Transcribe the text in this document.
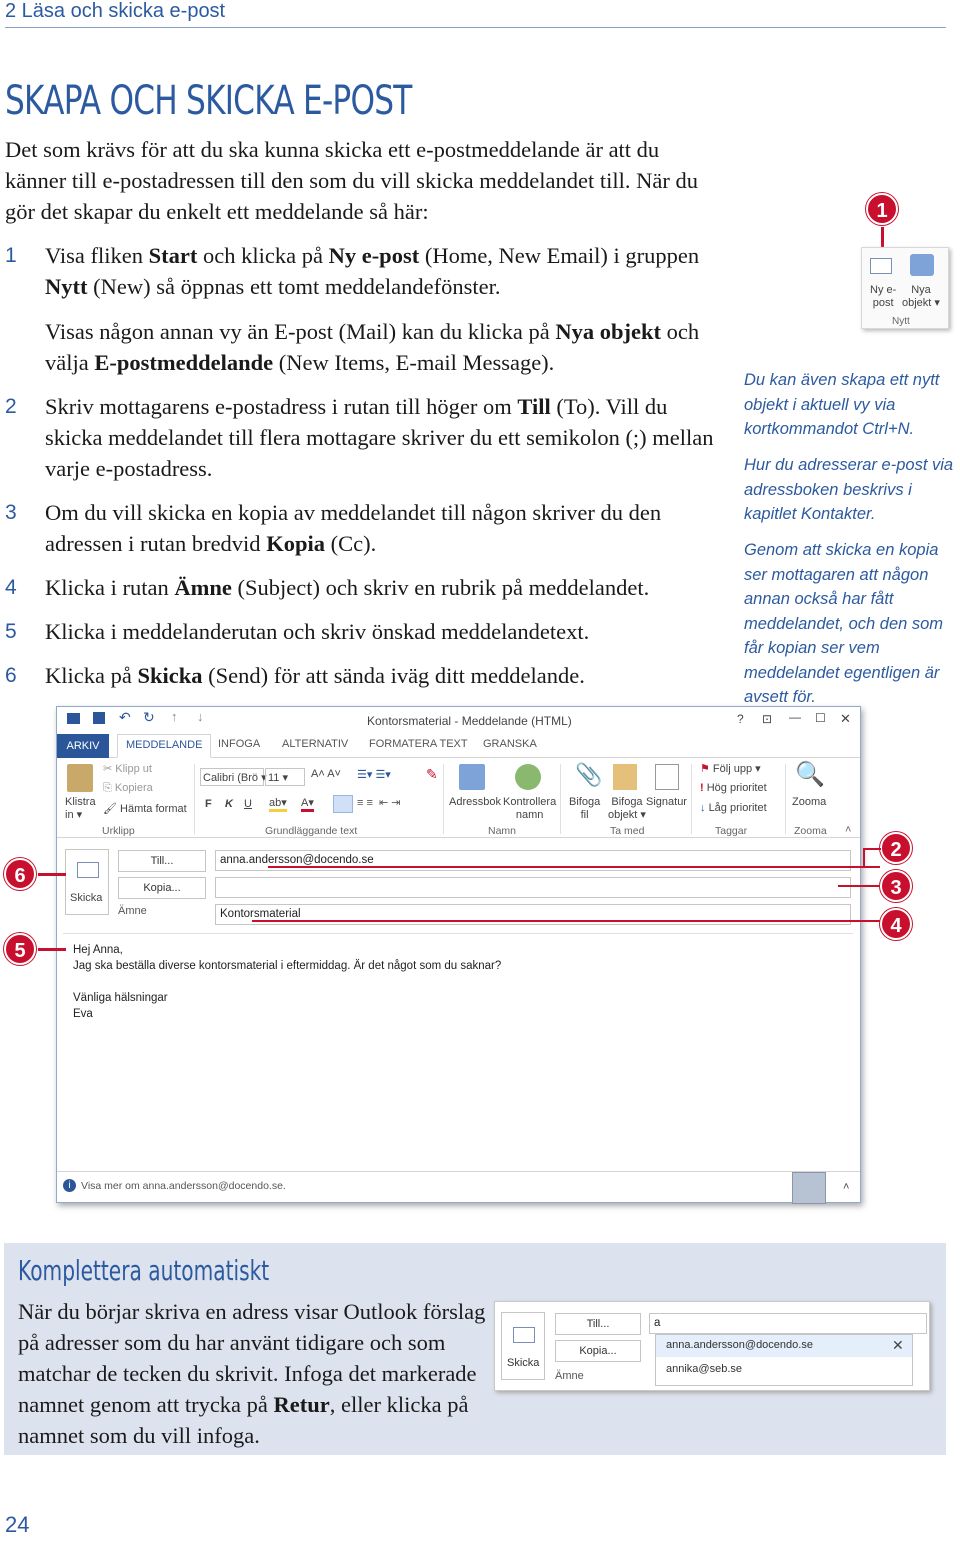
2 Läsa och skicka e-post
SKAPA OCH SKICKA E-POST

Det som krävs för att du ska kunna skicka ett e-postmeddelande är att du känner till e-postadressen till den som du vill skicka meddelandet till. När du gör det skapar du enkelt ett meddelande så här:

1 Visa fliken Start och klicka på Ny e-post (Home, New Email) i gruppen Nytt (New) så öppnas ett tomt meddelandefönster.
Visas någon annan vy än E-post (Mail) kan du klicka på Nya objekt och välja E-postmeddelande (New Items, E-mail Message).
2 Skriv mottagarens e-postadress i rutan till höger om Till (To). Vill du skicka meddelandet till flera mottagare skriver du ett semikolon (;) mellan varje e-postadress.
3 Om du vill skicka en kopia av meddelandet till någon skriver du den adressen i rutan bredvid Kopia (Cc).
4 Klicka i rutan Ämne (Subject) och skriv en rubrik på meddelandet.
5 Klicka i meddelanderutan och skriv önskad meddelandetext.
6 Klicka på Skicka (Send) för att sända iväg ditt meddelande.
Du kan även skapa ett nytt objekt i aktuell vy via kortkommandot Ctrl+N.
Hur du adresserar e-post via adressboken beskrivs i kapitlet Kontakter.
Genom att skicka en kopia ser mottagaren att någon annan också har fått meddelandet, och den som får kopian ser vem meddelandet egentligen är avsett för.
1
Ny e-
post
Nya
objekt ▾
Nytt
↶ ↻ ↑ ↓	Kontorsmaterial - Meddelande (HTML)	? ⊡ — ☐ ✕
ARKIV	MEDDELANDE	INFOGA ALTERNATIV FORMATERA TEXT GRANSKA
Klistra
in ▾
✂ Klipp ut
⎘ Kopiera
🖌 Hämta format
Urklipp
Calibri (Brö ▾ 11 ▾	A˄ A˅ ☰▾ ☰▾	✎
F K U ab▾ A▾	≡ ≡  ⇤ ⇥
Grundläggande text
Adressbok Kontrollera
namn
Namn
📎
Bifoga
fil
Bifoga
objekt ▾
Signatur
Ta med
⚑ Följ upp ▾
! Hög prioritet
↓ Låg prioritet
Taggar
🔍
Zooma
Zooma ˄
Skicka
Till...	anna.andersson@docendo.se
Kopia...
Ämne	Kontorsmaterial
Hej Anna,
Jag ska beställa diverse kontorsmaterial i eftermiddag. Är det något som du saknar?
Vänliga hälsningar
Eva
i Visa mer om anna.andersson@docendo.se.	˄
6
5
2
3
4
Komplettera automatiskt

När du börjar skriva en adress visar Outlook förslag på adresser som du har använt tidigare och som matchar de tecken du skrivit. Infoga det markerade namnet genom att trycka på Retur, eller klicka på namnet som du vill infoga.

Skicka
Till...
Kopia...
Ämne
a
anna.andersson@docendo.se	✕
annika@seb.se
24
